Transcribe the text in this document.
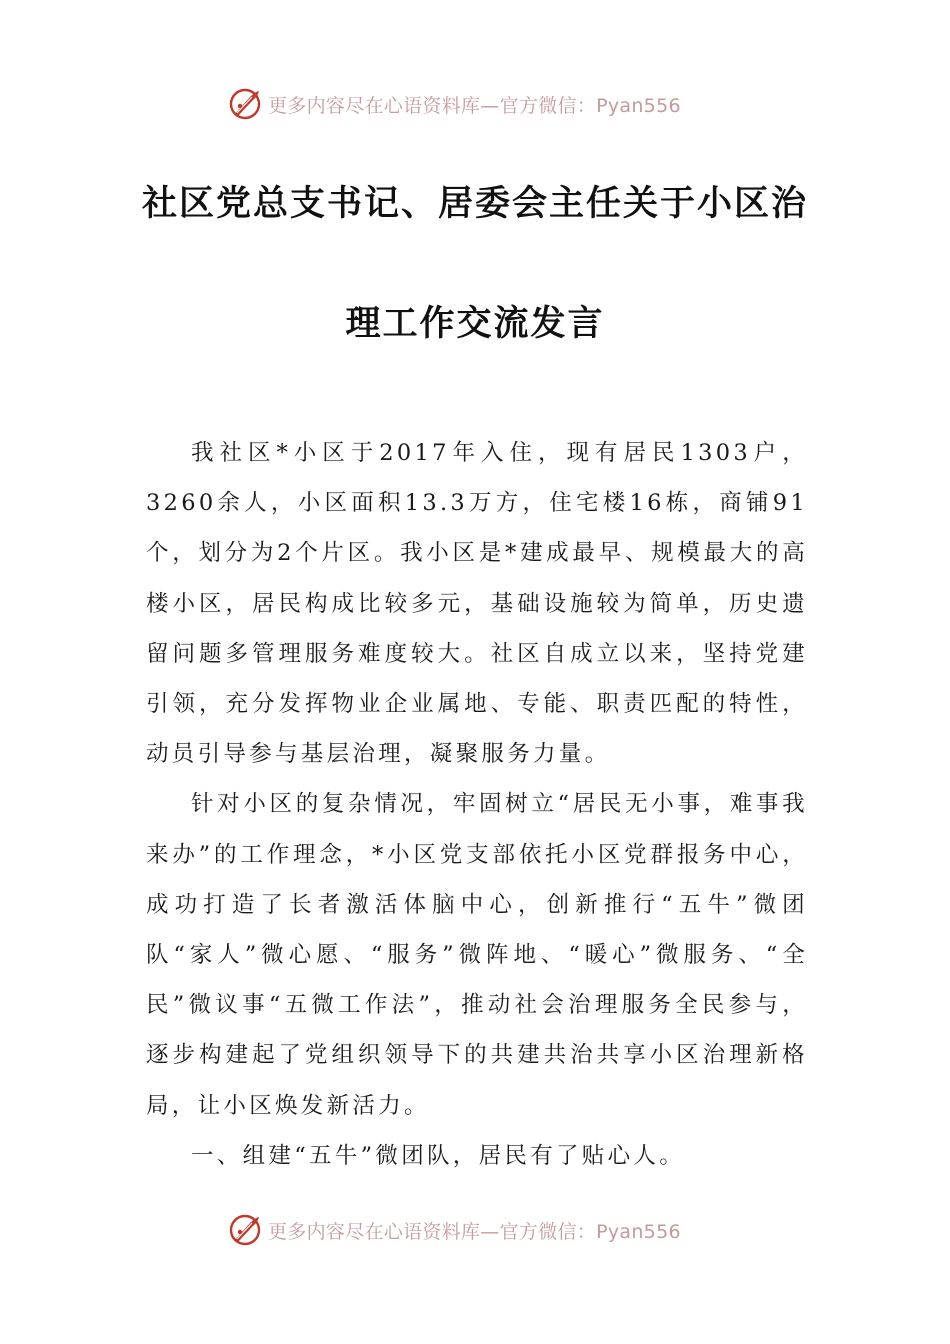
更多内容尽在心语资料库—官方微信：Pyan556
社区党总支书记、居委会主任关于小区治
理工作交流发言

我社区*小区于2017年入住，现有居民1303户，3260余人，小区面积13.3万方，住宅楼16栋，商铺91个，划分为2个片区。我小区是*建成最早、规模最大的高楼小区，居民构成比较多元，基础设施较为简单，历史遗留问题多管理服务难度较大。社区自成立以来，坚持党建引领，充分发挥物业企业属地、专能、职责匹配的特性，动员引导参与基层治理，凝聚服务力量。

针对小区的复杂情况，牢固树立“居民无小事，难事我来办”的工作理念，*小区党支部依托小区党群报务中心，成功打造了长者激活体脑中心，创新推行“五牛”微团队“家人”微心愿、“服务”微阵地、“暖心”微服务、“全民”微议事“五微工作法”，推动社会治理服务全民参与，逐步构建起了党组织领导下的共建共治共享小区治理新格局，让小区焕发新活力。

一、组建“五牛”微团队，居民有了贴心人。

更多内容尽在心语资料库—官方微信：Pyan556
